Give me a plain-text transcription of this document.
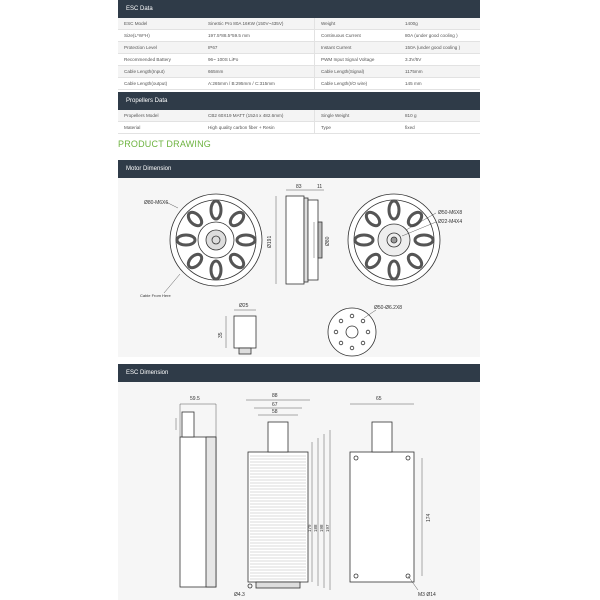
ESC Data
ESC Model	SineSic Pro 80A 16KW (150V~435V)	Weight	1400g
Size(L*W*H)	197.5*88.5*59.5 mm	Continuous Current	80A (under good cooling )
Protection Level	IP67	Instant Current	150A (under good cooling )
Recommended Battery	96~ 100S LiPo	PWM Input Signal Voltage	3.3V/5V
Cable Length(Input)	665mm	Cable Length(Signal)	1175mm
Cable Length(output)	A:265mm / B:295mm / C:315mm	Cable Length(I/O wire)	145 mm
Propellers Data
Propellers Model	CB2 60X19 MATT (1524 x 482.6mm)	Single Weight	810 g
Material	High quality carbon fiber + Resin	Type	fixed
PRODUCT DRAWING
Motor Dimension
Ø80-M6X6
Cable From Here
83	11
Ø191	Ø80
Ø50-M6X8
Ø22-M4X4
Ø25
35
Ø50-Ø6.2X8
ESC Dimension
59.5	88
67
58
179 188 198 197
Ø4.3
65
174
M3 Ø14
